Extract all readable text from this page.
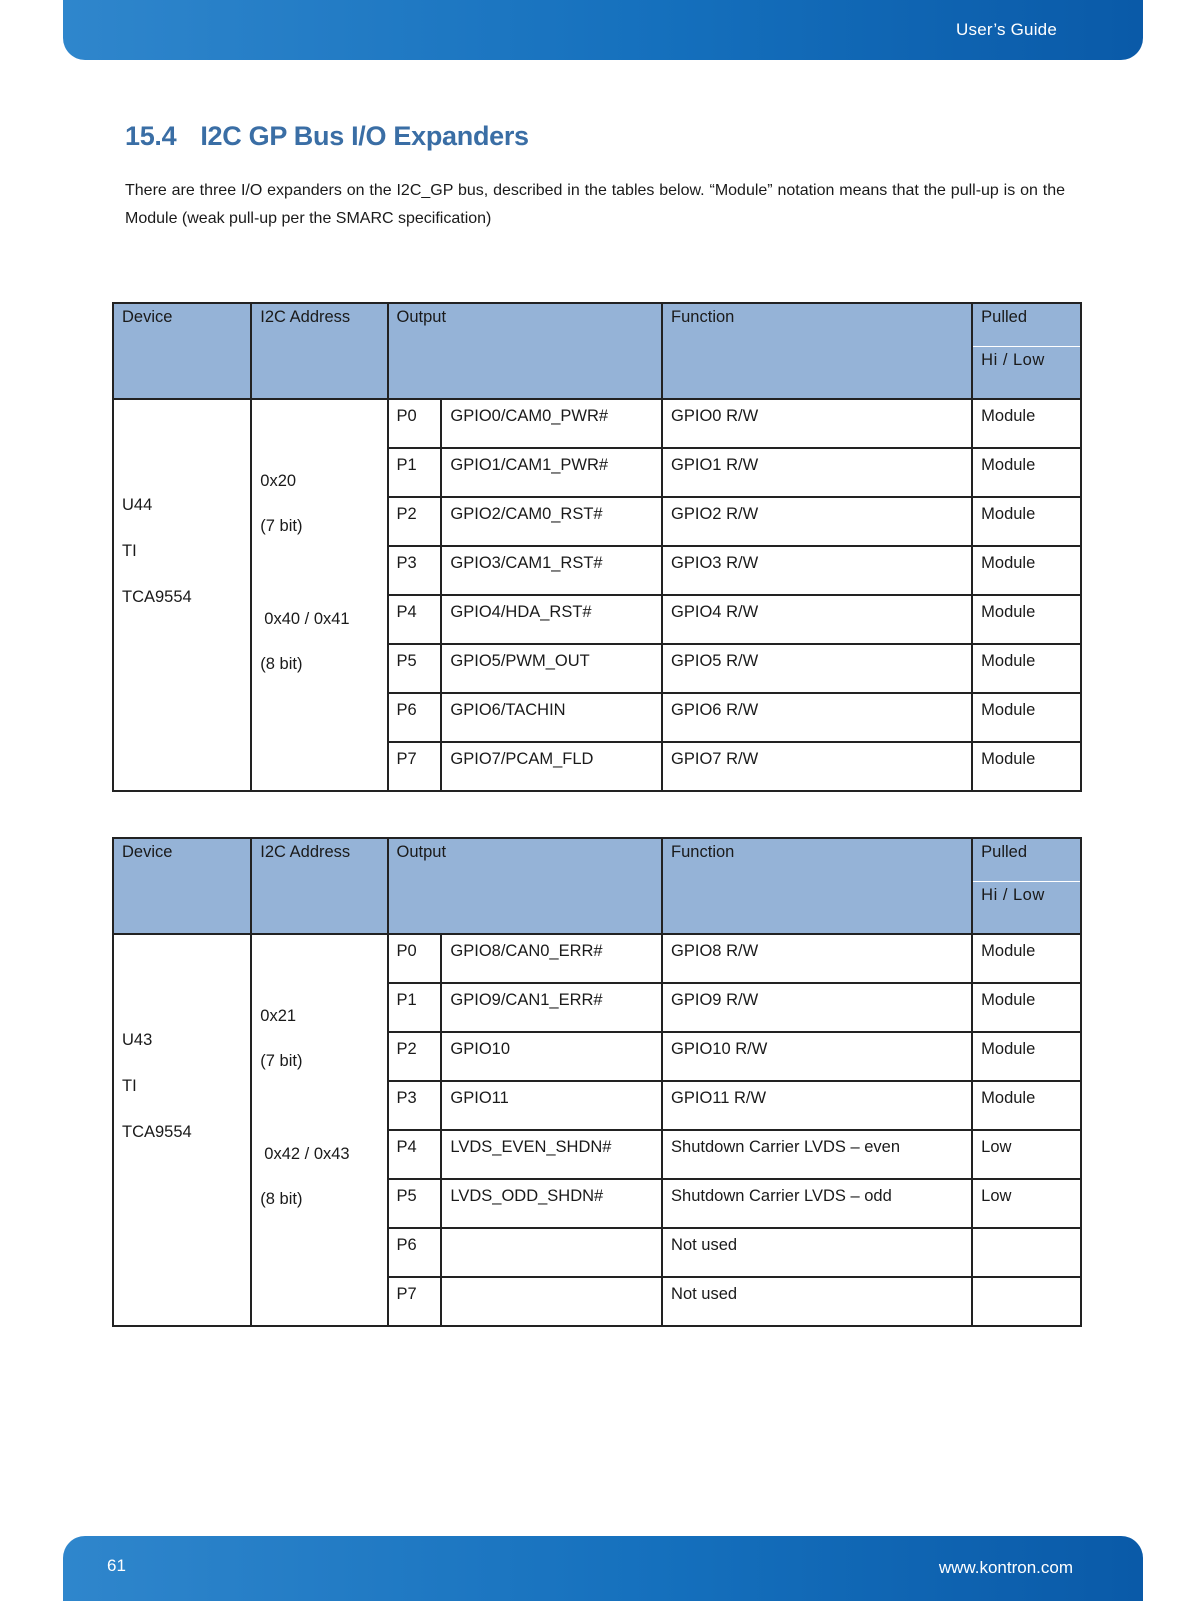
User’s Guide
15.4 I2C GP Bus I/O Expanders

There are three I/O expanders on the I2C_GP bus, described in the tables below. “Module” notation means that the pull-up is on the Module (weak pull-up per the SMARC specification)

Device	I2C Address	Output		Function	Pulled
Hi / Low

U44
TI
TCA9554	0x20
(7 bit)
0x40 / 0x41
(8 bit)	P0	GPIO0/CAM0_PWR#	GPIO0 R/W	Module
		P1	GPIO1/CAM1_PWR#	GPIO1 R/W	Module
		P2	GPIO2/CAM0_RST#	GPIO2 R/W	Module
		P3	GPIO3/CAM1_RST#	GPIO3 R/W	Module
		P4	GPIO4/HDA_RST#	GPIO4 R/W	Module
		P5	GPIO5/PWM_OUT	GPIO5 R/W	Module
		P6	GPIO6/TACHIN	GPIO6 R/W	Module
		P7	GPIO7/PCAM_FLD	GPIO7 R/W	Module
Device	I2C Address	Output		Function	Pulled
Hi / Low

U43
TI
TCA9554	0x21
(7 bit)
0x42 / 0x43
(8 bit)	P0	GPIO8/CAN0_ERR#	GPIO8 R/W	Module
		P1	GPIO9/CAN1_ERR#	GPIO9 R/W	Module
		P2	GPIO10	GPIO10 R/W	Module
		P3	GPIO11	GPIO11 R/W	Module
		P4	LVDS_EVEN_SHDN#	Shutdown Carrier LVDS – even	Low
		P5	LVDS_ODD_SHDN#	Shutdown Carrier LVDS – odd	Low
		P6		Not used	
		P7		Not used	
61	www.kontron.com
